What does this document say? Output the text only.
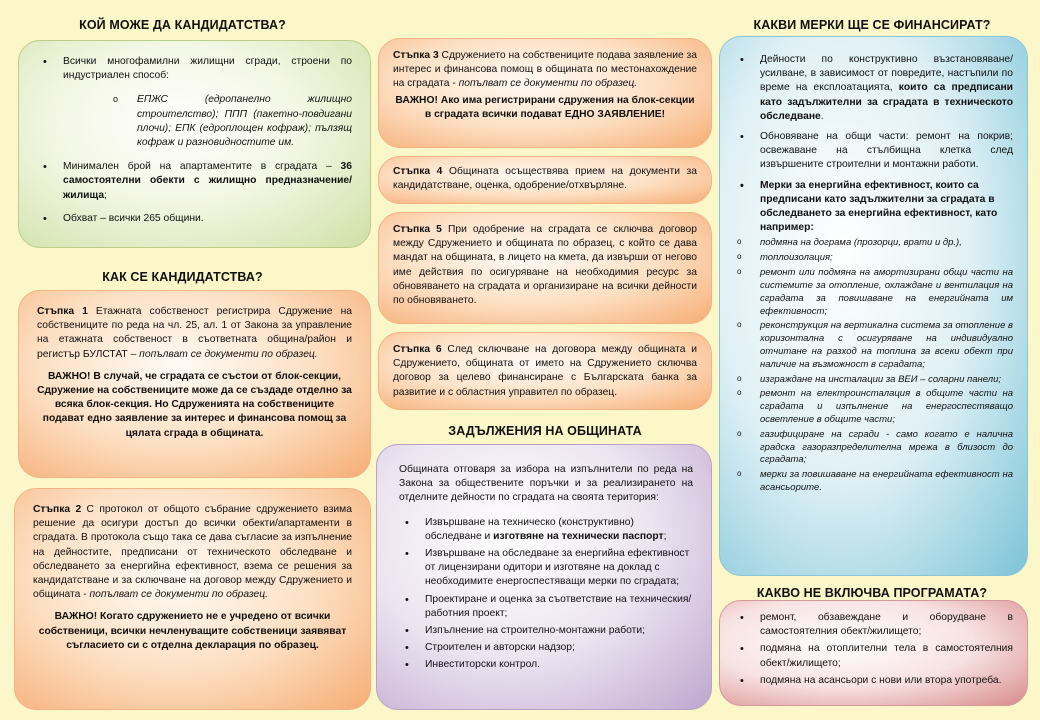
КОЙ МОЖЕ ДА КАНДИДАТСТВА?
• Всички многофамилни жилищни сгради, строени по индустриален способ:
o ЕПЖС (едропанелно жилищно строителство); ППП (пакетно-повдигани плочи); ЕПК (едроплощен кофраж); пълзящ кофраж и разновидностите им.
• Минимален брой на апартаментите в сградата – 36 самостоятелни обекти с жилищно предназначение/жилища;
• Обхват – всички 265 общини.
КАК СЕ КАНДИДАТСТВА?

Стъпка 1 Етажната собственост регистрира Сдружение на собствениците по реда на чл. 25, ал. 1 от Закона за управление на етажната собственост в съответната община/район и регистър БУЛСТАТ – попълват се документи по образец.

ВАЖНО! В случай, че сградата се състои от блок-секции, Сдружение на собствениците може да се създаде отделно за всяка блок-секция. Но Сдруженията на собствениците подават едно заявление за интерес и финансова помощ за цялата сграда в общината.

Стъпка 2 С протокол от общото събрание сдружението взима решение да осигури достъп до всички обекти/апартаменти в сградата. В протокола също така се дава съгласие за изпълнение на дейностите, предписани от техническото обследване и обследването за енергийна ефективност, взема се решения за кандидатстване и за сключване на договор между Сдружението и общината - попълват се документи по образец.

ВАЖНО! Когато сдружението не е учредено от всички собственици, всички нечленуващите собственици заявяват съгласието си с отделна декларация по образец.

Стъпка 3 Сдружението на собствениците подава заявление за интерес и финансова помощ в общината по местонахождение на сградата - попълват се документи по образец.

ВАЖНО! Ако има регистрирани сдружения на блок-секции в сградата всички подават ЕДНО ЗАЯВЛЕНИЕ!

Стъпка 4 Общината осъществява прием на документи за кандидатстване, оценка, одобрение/отхвърляне.

Стъпка 5 При одобрение на сградата се сключва договор между Сдружението и общината по образец, с който се дава мандат на общината, в лицето на кмета, да извърши от негово име действия по осигуряване на необходимия ресурс за обновяването на сградата и организиране на всички дейности по обновяването.

Стъпка 6 След сключване на договора между общината и Сдружението, общината от името на Сдружението сключва договор за целево финансиране с Българската банка за развитие и с областния управител по образец.

ЗАДЪЛЖЕНИЯ НА ОБЩИНАТА

Общината отговаря за избора на изпълнители по реда на Закона за обществените поръчки и за реализирането на отделните дейности по сградата на своята територия:

• Извършване на техническо (конструктивно) обследване и изготвяне на технически паспорт;
• Извършване на обследване за енергийна ефективност от лицензирани одитори и изготвяне на доклад с необходимите енергоспестяващи мерки по сградата;
• Проектиране и оценка за съответствие на техническия/работния проект;
• Изпълнение на строително-монтажни работи;
• Строителен и авторски надзор;
• Инвеститорски контрол.
КАКВИ МЕРКИ ЩЕ СЕ ФИНАНСИРАТ?
• Дейности по конструктивно възстановяване/усилване, в зависимост от повредите, настъпили по време на експлоатацията, които са предписани като задължителни за сградата в техническото обследване.
• Обновяване на общи части: ремонт на покрив; освежаване на стълбищна клетка след извършените строителни и монтажни работи.
• Мерки за енергийна ефективност, които са предписани като задължителни за сградата в обследването за енергийна ефективност, като например:
o подмяна на дограма (прозорци, врати и др.),
o топлоизолация;
o ремонт или подмяна на амортизирани общи части на системите за отопление, охлаждане и вентилация на сградата за повишаване на енергийната им ефективност;
o реконструкция на вертикална система за отопление в хоризонтална с осигуряване на индивидуално отчитане на разход на топлина за всеки обект при наличие на възможност в сградата;
o изграждане на инсталации за ВЕИ – соларни панели;
o ремонт на електроинсталация в общите части на сградата и изпълнение на енергоспестяващо осветление в общите части;
o газифициране на сгради - само когато е налична градска газоразпределителна мрежа в близост до сградата;
o мерки за повишаване на енергийната ефективност на асансьорите.
КАКВО НЕ ВКЛЮЧВА ПРОГРАМАТА?
• ремонт, обзавеждане и оборудване в самостоятелния обект/жилището;
• подмяна на отоплителни тела в самостоятелния обект/жилището;
• подмяна на асансьори с нови или втора употреба.
